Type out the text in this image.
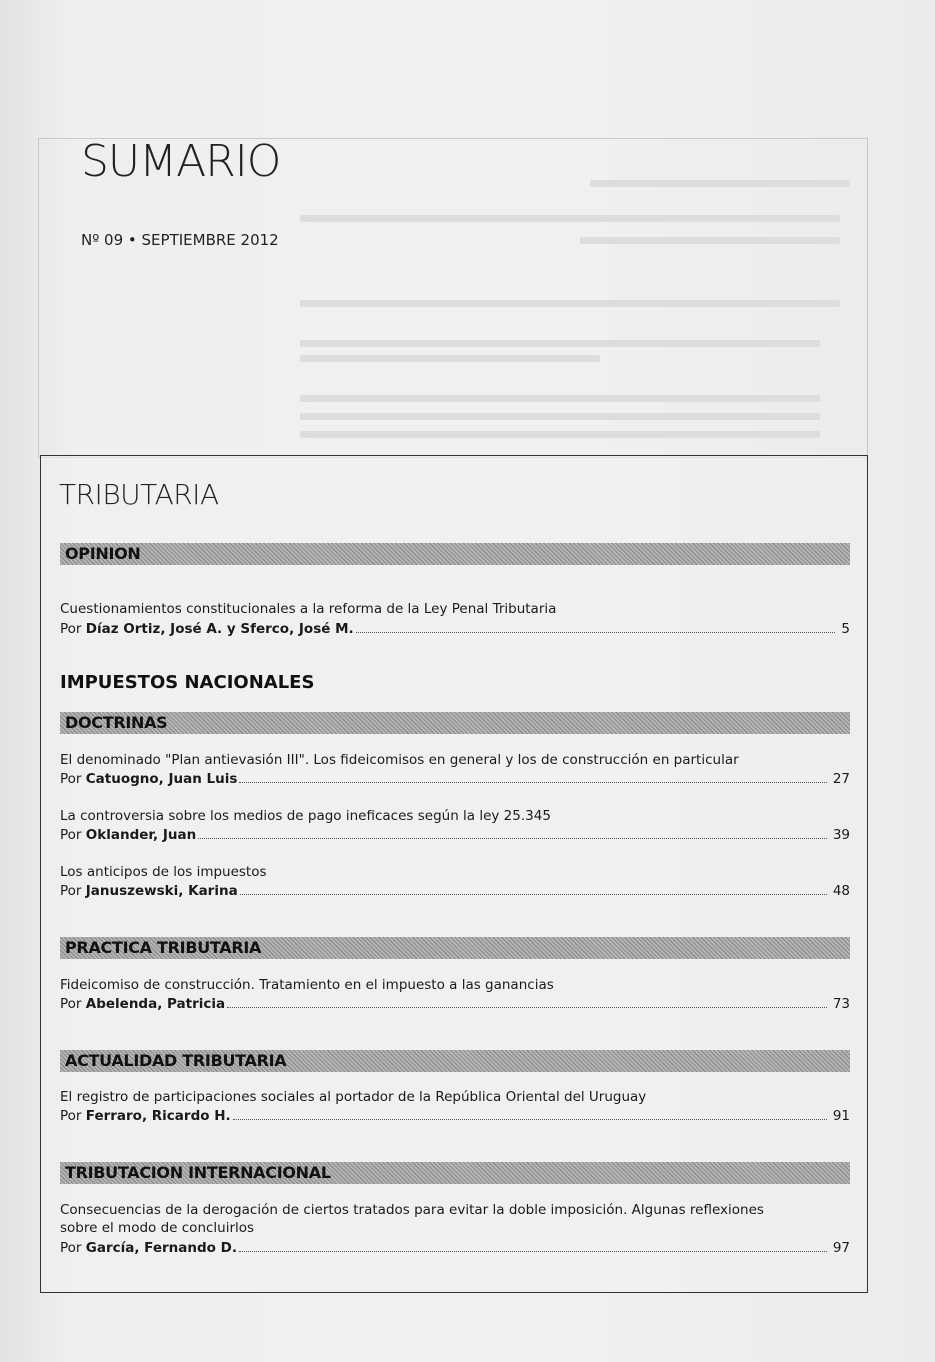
SUMARIO
Nº 09 • SEPTIEMBRE 2012
TRIBUTARIA
OPINION
Cuestionamientos constitucionales a la reforma de la Ley Penal Tributaria
Por Díaz Ortiz, José A. y Sferco, José M.	5
IMPUESTOS NACIONALES
DOCTRINAS
El denominado "Plan antievasión III". Los fideicomisos en general y los de construcción en particular
Por Catuogno, Juan Luis	27
La controversia sobre los medios de pago ineficaces según la ley 25.345
Por Oklander, Juan	39
Los anticipos de los impuestos
Por Januszewski, Karina	48
PRACTICA TRIBUTARIA
Fideicomiso de construcción. Tratamiento en el impuesto a las ganancias
Por Abelenda, Patricia	73
ACTUALIDAD TRIBUTARIA
El registro de participaciones sociales al portador de la República Oriental del Uruguay
Por Ferraro, Ricardo H.	91
TRIBUTACION INTERNACIONAL
Consecuencias de la derogación de ciertos tratados para evitar la doble imposición. Algunas reflexiones sobre el modo de concluirlos
Por García, Fernando D.	97
